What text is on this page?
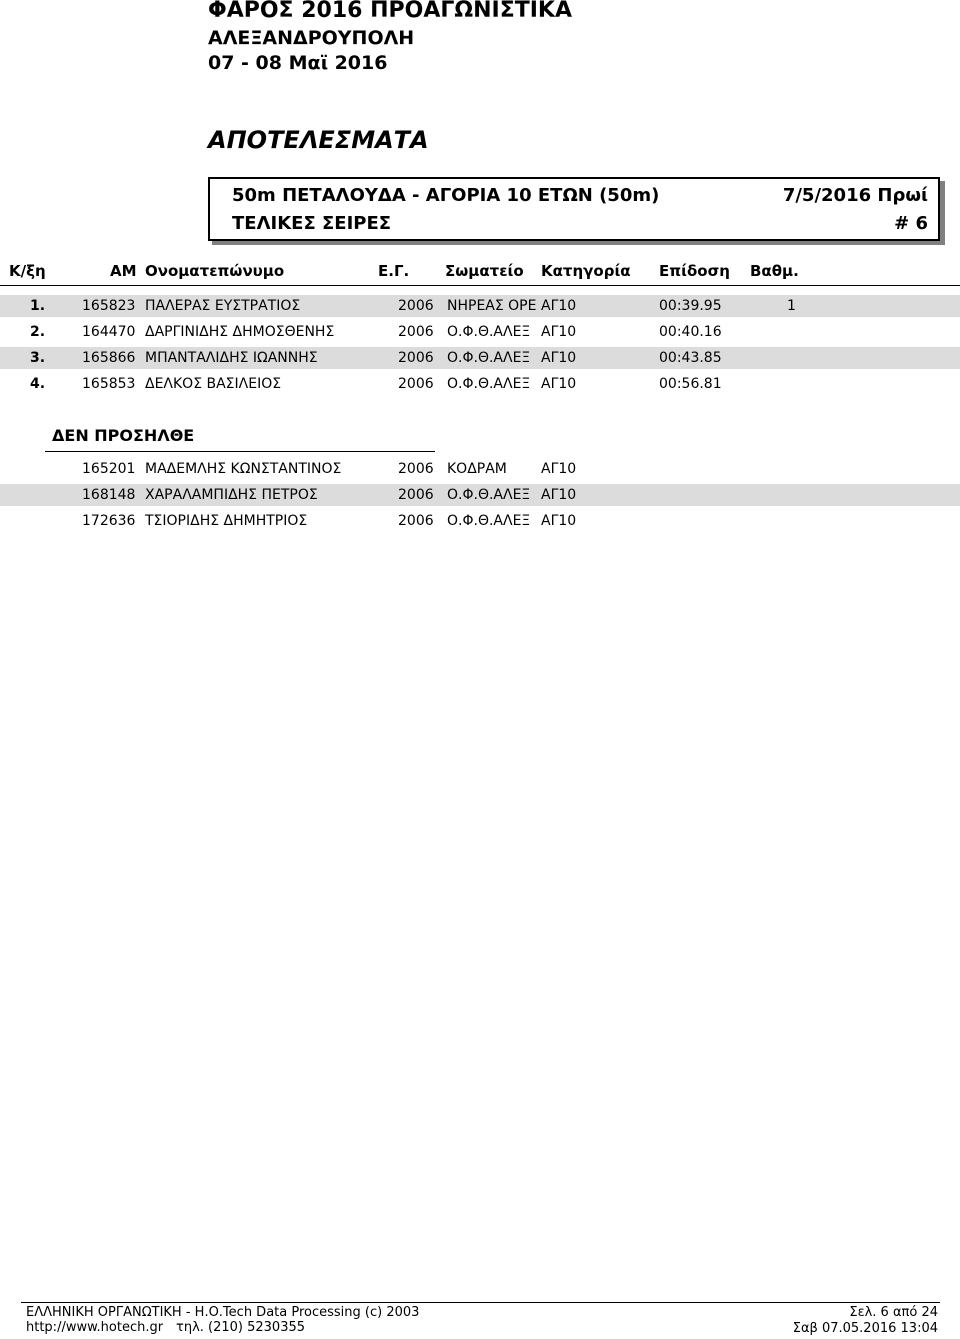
ΦΑΡΟΣ 2016 ΠΡΟΑΓΩΝΙΣΤΙΚΑ
ΑΛΕΞΑΝΔΡΟΥΠΟΛΗ
07 - 08 Μαϊ 2016
ΑΠΟΤΕΛΕΣΜΑΤΑ
50m ΠΕΤΑΛΟΥΔΑ - ΑΓΟΡΙΑ 10 ΕΤΩΝ (50m)	7/5/2016 Πρωί
ΤΕΛΙΚΕΣ ΣΕΙΡΕΣ	# 6
Κ/ξη	ΑΜ Ονοματεπώνυμο	Ε.Γ. Σωματείο Κατηγορία Επίδοση Βαθμ.
1.	165823 ΠΑΛΕΡΑΣ ΕΥΣΤΡΑΤΙΟΣ	2006 ΝΗΡΕΑΣ ΟΡΕ ΑΓ10	00:39.95	1
2.	164470 ΔΑΡΓΙΝΙΔΗΣ ΔΗΜΟΣΘΕΝΗΣ	2006 Ο.Φ.Θ.ΑΛΕΞ ΑΓ10	00:40.16
3.	165866 ΜΠΑΝΤΑΛΙΔΗΣ ΙΩΑΝΝΗΣ	2006 Ο.Φ.Θ.ΑΛΕΞ ΑΓ10	00:43.85
4.	165853 ΔΕΛΚΟΣ ΒΑΣΙΛΕΙΟΣ	2006 Ο.Φ.Θ.ΑΛΕΞ ΑΓ10	00:56.81
ΔΕΝ ΠΡΟΣΗΛΘΕ
165201 ΜΑΔΕΜΛΗΣ ΚΩΝΣΤΑΝΤΙΝΟΣ	2006 ΚΟΔΡΑΜ ΑΓ10
168148 ΧΑΡΑΛΑΜΠΙΔΗΣ ΠΕΤΡΟΣ	2006 Ο.Φ.Θ.ΑΛΕΞ ΑΓ10
172636 ΤΣΙΟΡΙΔΗΣ ΔΗΜΗΤΡΙΟΣ	2006 Ο.Φ.Θ.ΑΛΕΞ ΑΓ10
ΕΛΛΗΝΙΚΗ ΟΡΓΑΝΩΤΙΚΗ - Η.Ο.Tech Data Processing (c) 2003
http://www.hotech.gr τηλ. (210) 5230355
Σελ. 6 από 24
Σαβ 07.05.2016 13:04
